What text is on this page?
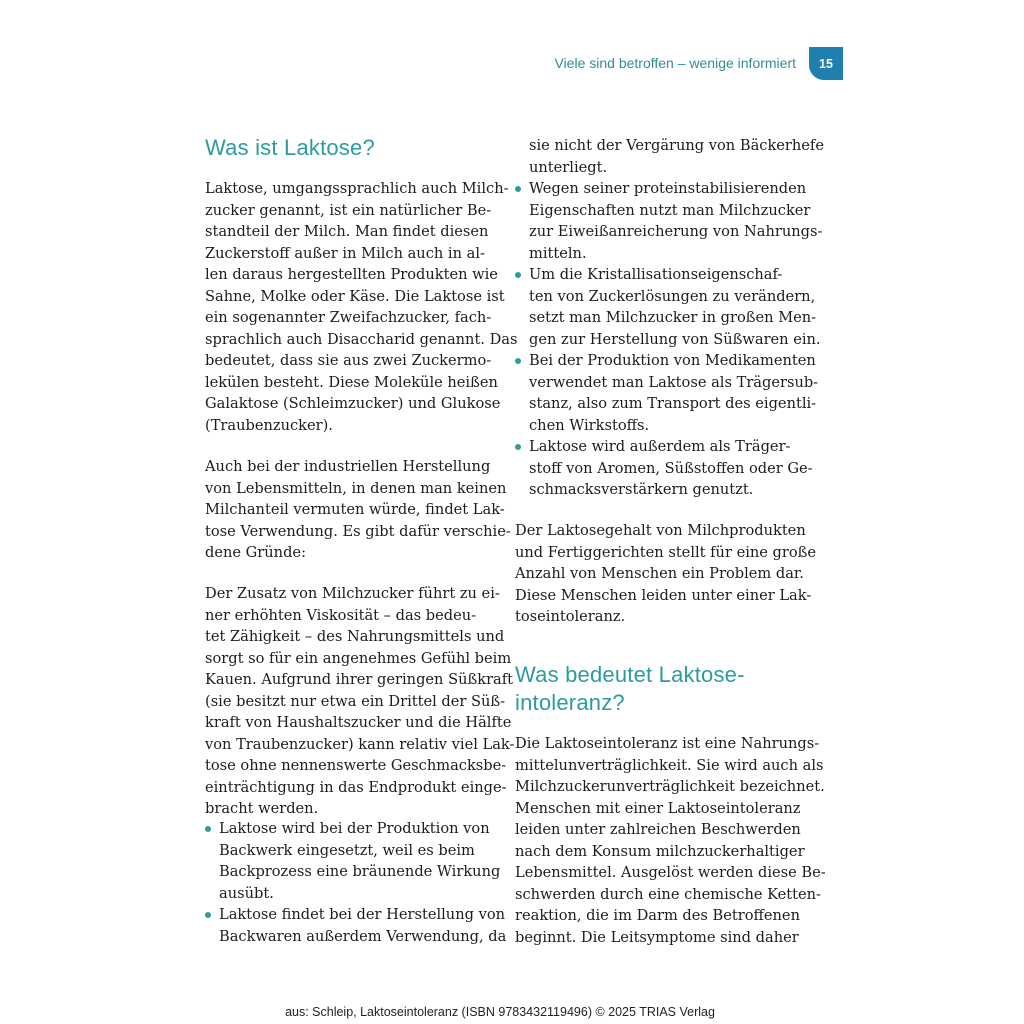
Viele sind betroffen – wenige informiert 15
Was ist Laktose?
Laktose, umgangssprachlich auch Milch-
zucker genannt, ist ein natürlicher Be-
standteil der Milch. Man findet diesen
Zuckerstoff außer in Milch auch in al-
len daraus hergestellten Produkten wie
Sahne, Molke oder Käse. Die Laktose ist
ein sogenannter Zweifachzucker, fach-
sprachlich auch Disaccharid genannt. Das
bedeutet, dass sie aus zwei Zuckermo-
lekülen besteht. Diese Moleküle heißen
Galaktose (Schleimzucker) und Glukose
(Traubenzucker).
Auch bei der industriellen Herstellung
von Lebensmitteln, in denen man keinen
Milchanteil vermuten würde, findet Lak-
tose Verwendung. Es gibt dafür verschie-
dene Gründe:
Der Zusatz von Milchzucker führt zu ei-
ner erhöhten Viskosität – das bedeu-
tet Zähigkeit – des Nahrungsmittels und
sorgt so für ein angenehmes Gefühl beim
Kauen. Aufgrund ihrer geringen Süßkraft
(sie besitzt nur etwa ein Drittel der Süß-
kraft von Haushaltszucker und die Hälfte
von Traubenzucker) kann relativ viel Lak-
tose ohne nennenswerte Geschmacksbe-
einträchtigung in das Endprodukt einge-
bracht werden.
Laktose wird bei der Produktion von
Backwerk eingesetzt, weil es beim
Backprozess eine bräunende Wirkung
ausübt.
Laktose findet bei der Herstellung von
Backwaren außerdem Verwendung, da
sie nicht der Vergärung von Bäckerhefe
unterliegt.
Wegen seiner proteinstabilisierenden
Eigenschaften nutzt man Milchzucker
zur Eiweißanreicherung von Nahrungs-
mitteln.
Um die Kristallisationseigenschaf-
ten von Zuckerlösungen zu verändern,
setzt man Milchzucker in großen Men-
gen zur Herstellung von Süßwaren ein.
Bei der Produktion von Medikamenten
verwendet man Laktose als Trägersub-
stanz, also zum Transport des eigentli-
chen Wirkstoffs.
Laktose wird außerdem als Träger-
stoff von Aromen, Süßstoffen oder Ge-
schmacksverstärkern genutzt.
Der Laktosegehalt von Milchprodukten
und Fertiggerichten stellt für eine große
Anzahl von Menschen ein Problem dar.
Diese Menschen leiden unter einer Lak-
toseintoleranz.
Was bedeutet Laktose-
intoleranz?
Die Laktoseintoleranz ist eine Nahrungs-
mittelunverträglichkeit. Sie wird auch als
Milchzuckerunverträglichkeit bezeichnet.
Menschen mit einer Laktoseintoleranz
leiden unter zahlreichen Beschwerden
nach dem Konsum milchzuckerhaltiger
Lebensmittel. Ausgelöst werden diese Be-
schwerden durch eine chemische Ketten-
reaktion, die im Darm des Betroffenen
beginnt. Die Leitsymptome sind daher
aus: Schleip, Laktoseintoleranz (ISBN 9783432119496) © 2025 TRIAS Verlag
